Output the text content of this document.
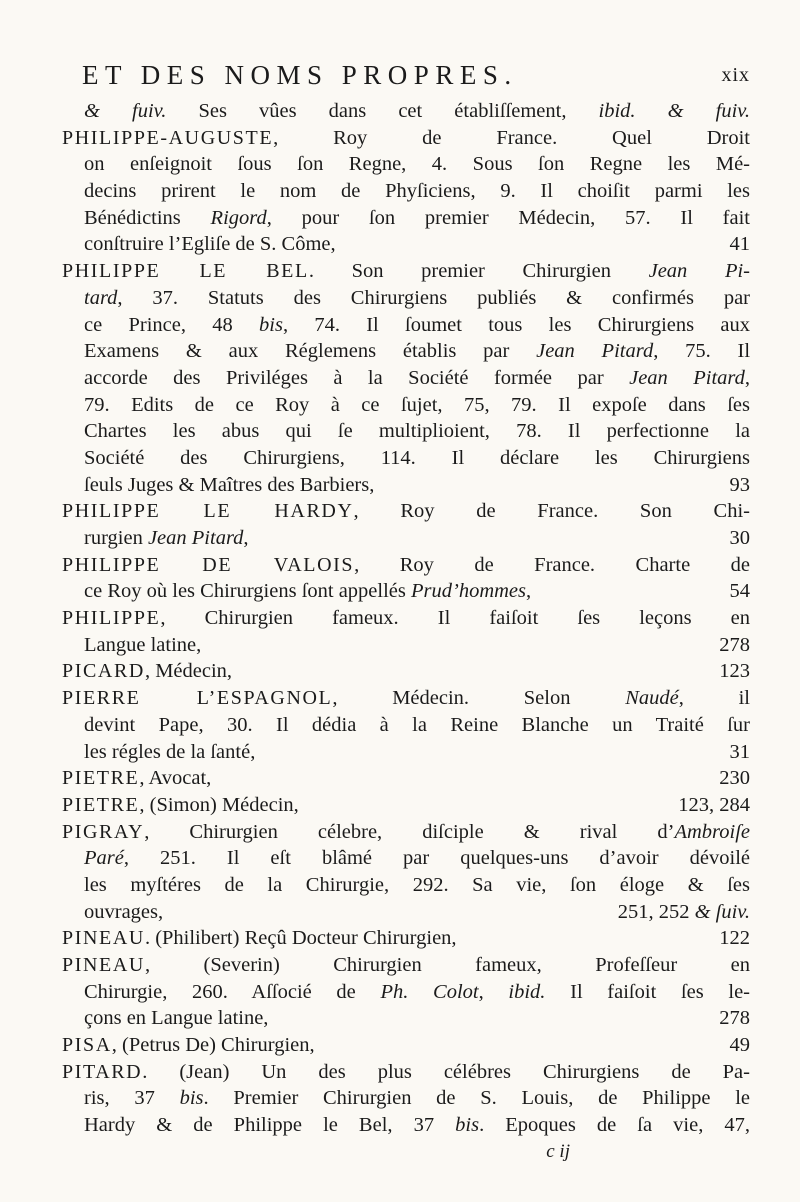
ET DES NOMS PROPRES.	xix
& fuiv. Ses vûes dans cet établiſſement, ibid. & fuiv.
PHILIPPE-AUGUSTE, Roy de France. Quel Droit
on enſeignoit ſous ſon Regne, 4. Sous ſon Regne les Mé-
decins prirent le nom de Phyſiciens, 9. Il choiſit parmi les
Bénédictins Rigord, pour ſon premier Médecin, 57. Il fait
conſtruire l’Egliſe de S. Côme,	41
PHILIPPE LE BEL. Son premier Chirurgien Jean Pi-
tard, 37. Statuts des Chirurgiens publiés & confirmés par
ce Prince, 48 bis, 74. Il ſoumet tous les Chirurgiens aux
Examens & aux Réglemens établis par Jean Pitard, 75. Il
accorde des Priviléges à la Société formée par Jean Pitard,
79. Edits de ce Roy à ce ſujet, 75, 79. Il expoſe dans ſes
Chartes les abus qui ſe multiplioient, 78. Il perfectionne la
Société des Chirurgiens, 114. Il déclare les Chirurgiens
ſeuls Juges & Maîtres des Barbiers,	93
PHILIPPE LE HARDY, Roy de France. Son Chi-
rurgien Jean Pitard,	30
PHILIPPE DE VALOIS, Roy de France. Charte de
ce Roy où les Chirurgiens ſont appellés Prud’hommes,	54
PHILIPPE, Chirurgien fameux. Il faiſoit ſes leçons en
Langue latine,	278
PICARD, Médecin,	123
PIERRE L’ESPAGNOL, Médecin. Selon Naudé, il
devint Pape, 30. Il dédia à la Reine Blanche un Traité ſur
les régles de la ſanté,	31
PIETRE, Avocat,	230
PIETRE, (Simon) Médecin,	123, 284
PIGRAY, Chirurgien célebre, diſciple & rival d’Ambroiſe
Paré, 251. Il eſt blâmé par quelques-uns d’avoir dévoilé
les myſtéres de la Chirurgie, 292. Sa vie, ſon éloge & ſes
ouvrages,	251, 252 & ſuiv.
PINEAU. (Philibert) Reçû Docteur Chirurgien,	122
PINEAU, (Severin) Chirurgien fameux, Profeſſeur en
Chirurgie, 260. Aſſocié de Ph. Colot, ibid. Il faiſoit ſes le-
çons en Langue latine,	278
PISA, (Petrus De) Chirurgien,	49
PITARD. (Jean) Un des plus célébres Chirurgiens de Pa-
ris, 37 bis. Premier Chirurgien de S. Louis, de Philippe le
Hardy & de Philippe le Bel, 37 bis. Epoques de ſa vie, 47,
c ij
